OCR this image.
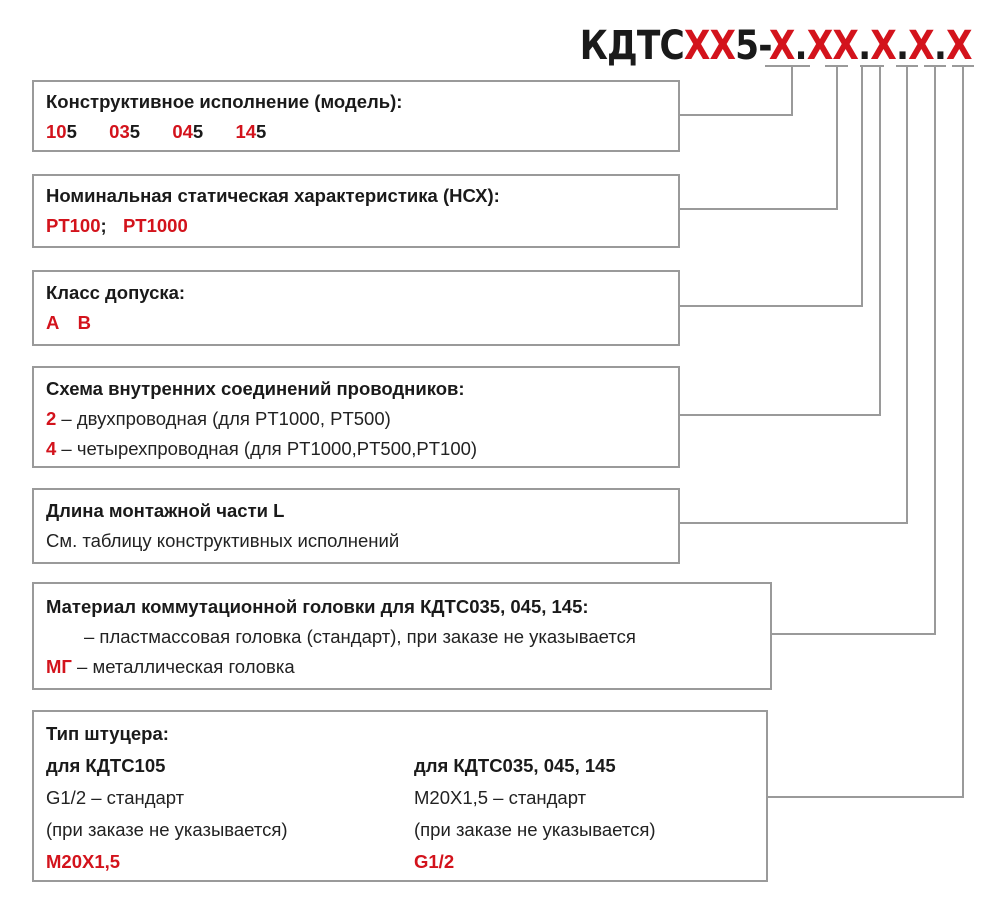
КДТСXX5-X.XX.X.X.X
Конструктивное исполнение (модель):
105 035 045 145
Номинальная статическая характеристика (НСХ):
PT100; PT1000
Класс допуска:
А В
Схема внутренних соединений проводников:
2 – двухпроводная (для PT1000, PT500)
4 – четырехпроводная (для PT1000,PT500,PT100)
Длина монтажной части L
См. таблицу конструктивных исполнений
Материал коммутационной головки для КДТС035, 045, 145:
– пластмассовая головка (стандарт), при заказе не указывается
МГ – металлическая головка
Тип штуцера:
для КДТС105
G1/2 – стандарт
(при заказе не указывается)
М20Х1,5
для КДТС035, 045, 145
M20X1,5 – стандарт
(при заказе не указывается)
G1/2
